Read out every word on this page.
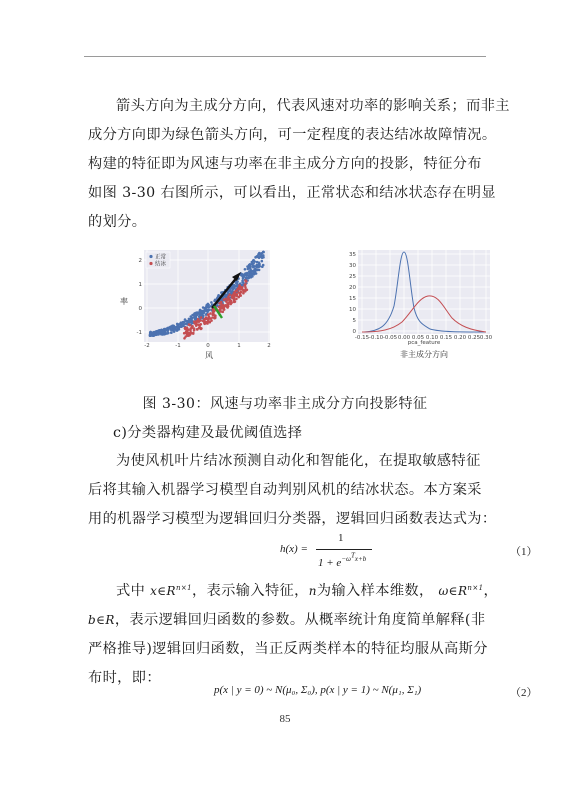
箭头方向为主成分方向，代表风速对功率的影响关系；而非主
成分方向即为绿色箭头方向，可一定程度的表达结冰故障情况。
构建的特征即为风速与功率在非主成分方向的投影，特征分布
如图 3-30 右图所示，可以看出，正常状态和结冰状态存在明显
的划分。

正常
结冰
-2	-1	0	1	2
2
1
0
-1
风
率
-0.15 -0.10 -0.05 0.00 0.05 0.10 0.15 0.20 0.25 0.30
35
30
25
20
15
10
5
0
pca_feature
非主成分方向
图 3-30：风速与功率非主成分方向投影特征
c)分类器构建及最优阈值选择

为使风机叶片结冰预测自动化和智能化，在提取敏感特征
后将其输入机器学习模型自动判别风机的结冰状态。本方案采
用的机器学习模型为逻辑回归分类器，逻辑回归函数表达式为：

h(x) =
1
$1 + e^{-\omega^Tx+b}$
（1）
式中 $x\in R^{n\times 1}$，表示输入特征，n为输入样本维数， $\omega\in R^{n\times 1}$，
b∈R，表示逻辑回归函数的参数。从概率统计角度简单解释(非
严格推导)逻辑回归函数，当正反两类样本的特征均服从高斯分
布时，即：
p(x | y = 0) ~ N(μ₀, Σ₀), p(x | y = 1) ~ N(μ₁, Σ₁)	（2）
85
